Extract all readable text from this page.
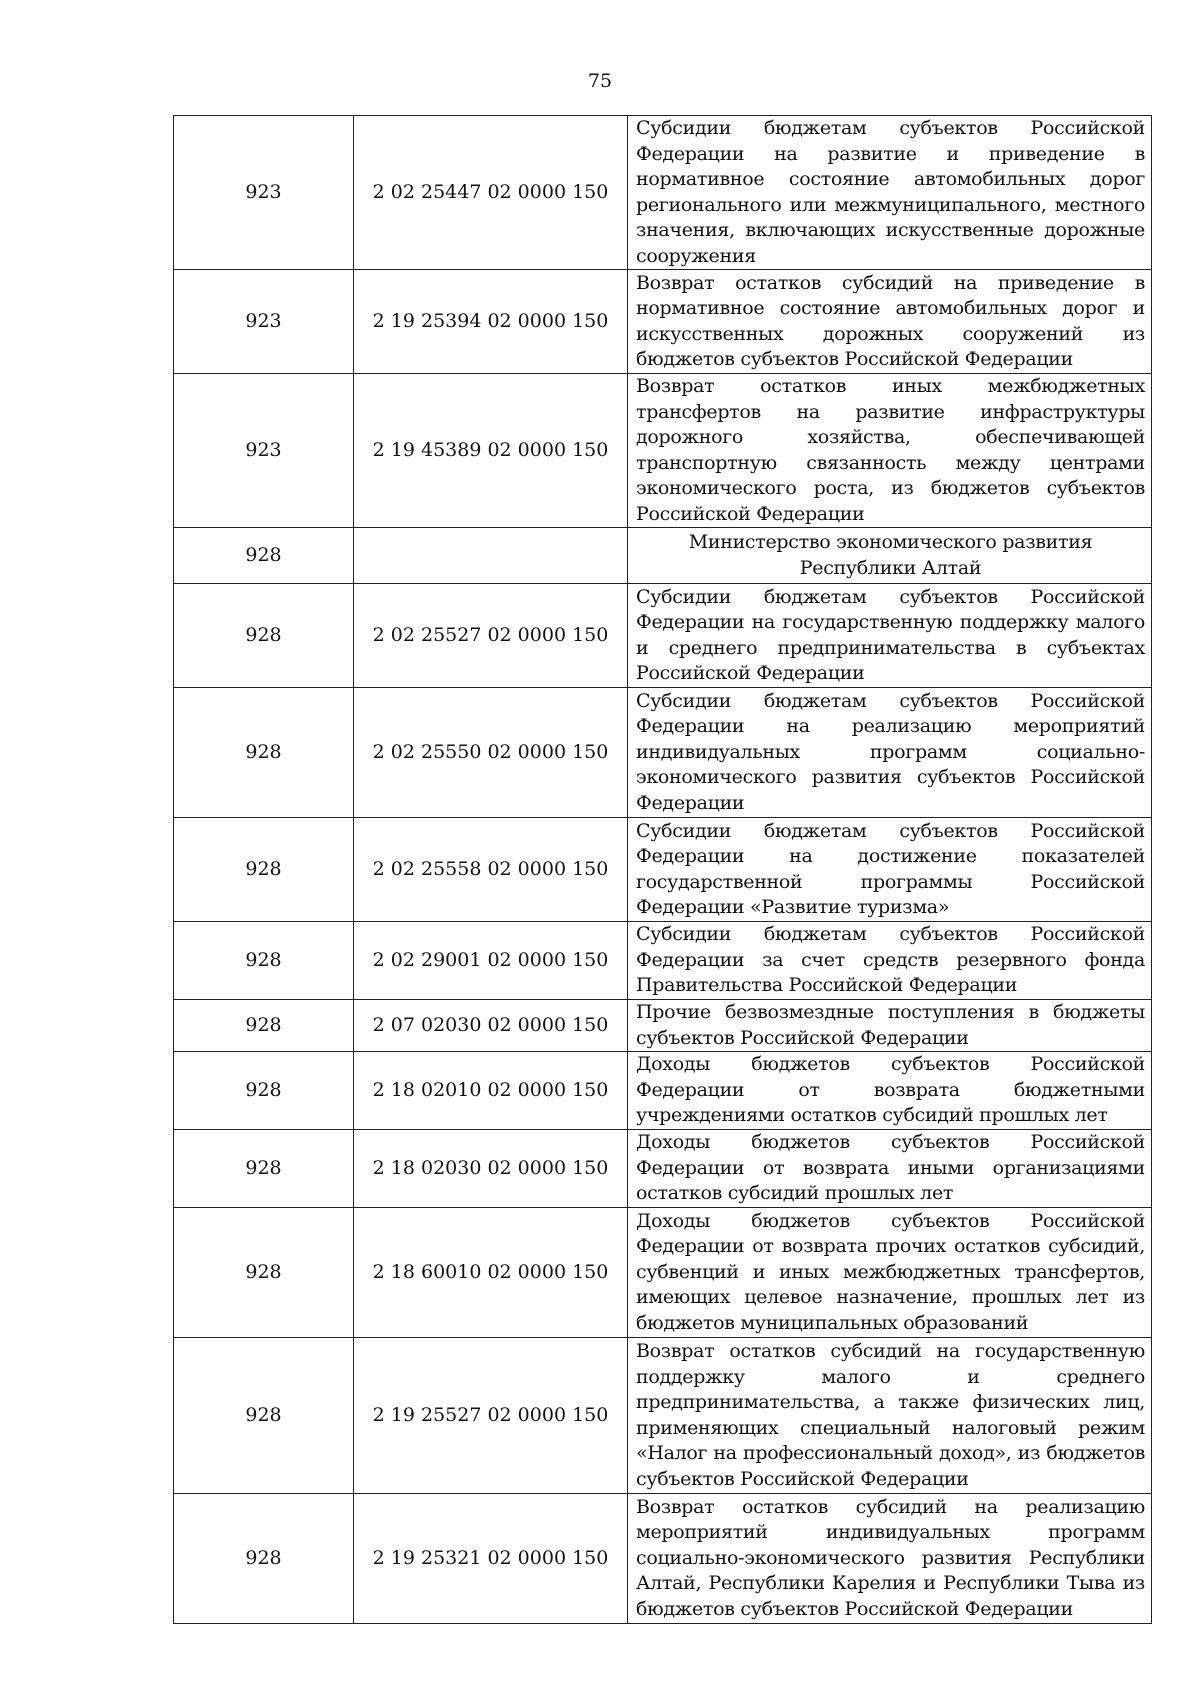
75
923	2 02 25447 02 0000 150	Субсидии бюджетам субъектов Российской Федерации на развитие и приведение в нормативное состояние автомобильных дорог регионального или межмуниципального, местного значения, включающих искусственные дорожные сооружения
923	2 19 25394 02 0000 150	Возврат остатков субсидий на приведение в нормативное состояние автомобильных дорог и искусственных дорожных сооружений из бюджетов субъектов Российской Федерации
923	2 19 45389 02 0000 150	Возврат остатков иных межбюджетных трансфертов на развитие инфраструктуры дорожного хозяйства, обеспечивающей транспортную связанность между центрами экономического роста, из бюджетов субъектов Российской Федерации
928		Министерство экономического развития Республики Алтай
928	2 02 25527 02 0000 150	Субсидии бюджетам субъектов Российской Федерации на государственную поддержку малого и среднего предпринимательства в субъектах Российской Федерации
928	2 02 25550 02 0000 150	Субсидии бюджетам субъектов Российской Федерации на реализацию мероприятий индивидуальных программ социально-экономического развития субъектов Российской Федерации
928	2 02 25558 02 0000 150	Субсидии бюджетам субъектов Российской Федерации на достижение показателей государственной программы Российской Федерации «Развитие туризма»
928	2 02 29001 02 0000 150	Субсидии бюджетам субъектов Российской Федерации за счет средств резервного фонда Правительства Российской Федерации
928	2 07 02030 02 0000 150	Прочие безвозмездные поступления в бюджеты субъектов Российской Федерации
928	2 18 02010 02 0000 150	Доходы бюджетов субъектов Российской Федерации от возврата бюджетными учреждениями остатков субсидий прошлых лет
928	2 18 02030 02 0000 150	Доходы бюджетов субъектов Российской Федерации от возврата иными организациями остатков субсидий прошлых лет
928	2 18 60010 02 0000 150	Доходы бюджетов субъектов Российской Федерации от возврата прочих остатков субсидий, субвенций и иных межбюджетных трансфертов, имеющих целевое назначение, прошлых лет из бюджетов муниципальных образований
928	2 19 25527 02 0000 150	Возврат остатков субсидий на государственную поддержку малого и среднего предпринимательства, а также физических лиц, применяющих специальный налоговый режим «Налог на профессиональный доход», из бюджетов субъектов Российской Федерации
928	2 19 25321 02 0000 150	Возврат остатков субсидий на реализацию мероприятий индивидуальных программ социально-экономического развития Республики Алтай, Республики Карелия и Республики Тыва из бюджетов субъектов Российской Федерации
